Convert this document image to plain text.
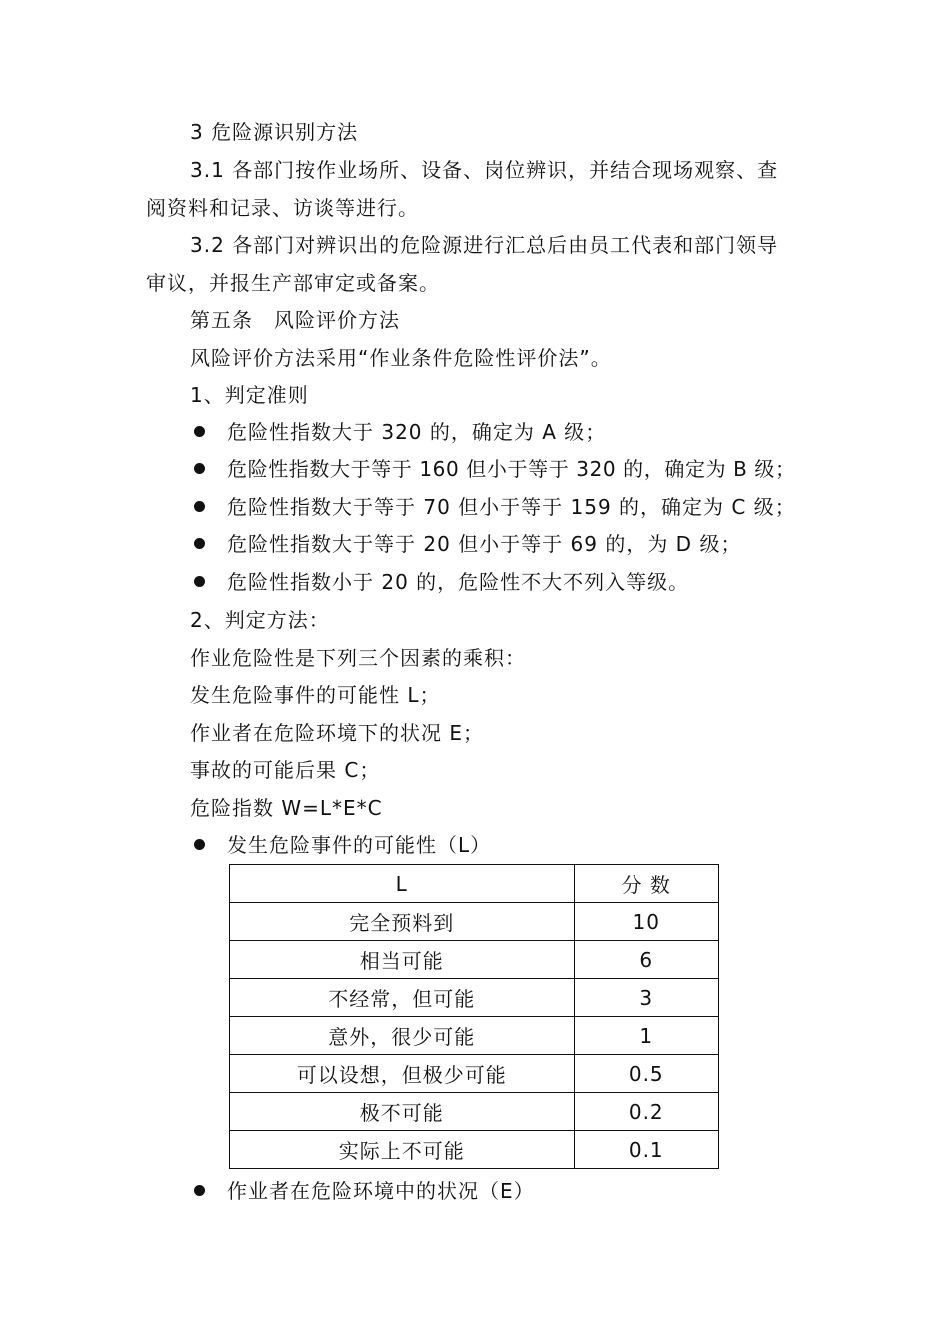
3 危险源识别方法
3.1 各部门按作业场所、设备、岗位辨识，并结合现场观察、查
阅资料和记录、访谈等进行。
3.2 各部门对辨识出的危险源进行汇总后由员工代表和部门领导
审议，并报生产部审定或备案。
第五条　风险评价方法
风险评价方法采用“作业条件危险性评价法”。
1、判定准则
危险性指数大于 320 的，确定为 A 级；
危险性指数大于等于 160 但小于等于 320 的，确定为 B 级；
危险性指数大于等于 70 但小于等于 159 的，确定为 C 级；
危险性指数大于等于 20 但小于等于 69 的，为 D 级；
危险性指数小于 20 的，危险性不大不列入等级。
2、判定方法：
作业危险性是下列三个因素的乘积：
发生危险事件的可能性 L；
作业者在危险环境下的状况 E；
事故的可能后果 C；
危险指数 W=L*E*C
发生危险事件的可能性（L）
L	分 数
完全预料到	10
相当可能	6
不经常，但可能	3
意外，很少可能	1
可以设想，但极少可能	0.5
极不可能	0.2
实际上不可能	0.1
作业者在危险环境中的状况（E）
